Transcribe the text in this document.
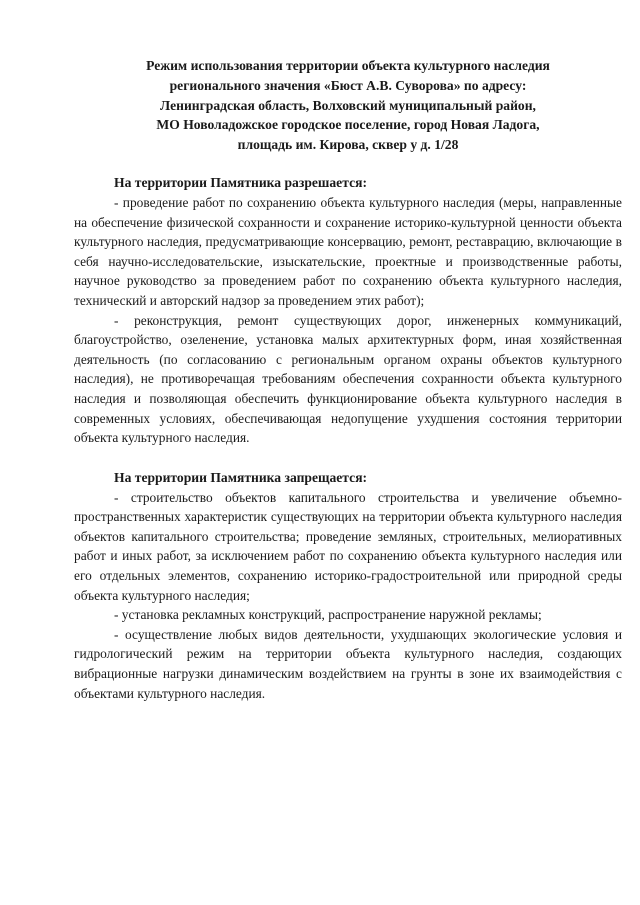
Режим использования территории объекта культурного наследия
регионального значения «Бюст А.В. Суворова» по адресу:
Ленинградская область, Волховский муниципальный район,
МО Новоладожское городское поселение, город Новая Ладога,
площадь им. Кирова, сквер у д. 1/28

На территории Памятника разрешается:

- проведение работ по сохранению объекта культурного наследия (меры, направленные на обеспечение физической сохранности и сохранение историко-культурной ценности объекта культурного наследия, предусматривающие консервацию, ремонт, реставрацию, включающие в себя научно-исследовательские, изыскательские, проектные и производственные работы, научное руководство за проведением работ по сохранению объекта культурного наследия, технический и авторский надзор за проведением этих работ);

- реконструкция, ремонт существующих дорог, инженерных коммуникаций, благоустройство, озеленение, установка малых архитектурных форм, иная хозяйственная деятельность (по согласованию с региональным органом охраны объектов культурного наследия), не противоречащая требованиям обеспечения сохранности объекта культурного наследия и позволяющая обеспечить функционирование объекта культурного наследия в современных условиях, обеспечивающая недопущение ухудшения состояния территории объекта культурного наследия.

На территории Памятника запрещается:

- строительство объектов капитального строительства и увеличение объемно-пространственных характеристик существующих на территории объекта культурного наследия объектов капитального строительства; проведение земляных, строительных, мелиоративных работ и иных работ, за исключением работ по сохранению объекта культурного наследия или его отдельных элементов, сохранению историко-градостроительной или природной среды объекта культурного наследия;

- установка рекламных конструкций, распространение наружной рекламы;

- осуществление любых видов деятельности, ухудшающих экологические условия и гидрологический режим на территории объекта культурного наследия, создающих вибрационные нагрузки динамическим воздействием на грунты в зоне их взаимодействия с объектами культурного наследия.
